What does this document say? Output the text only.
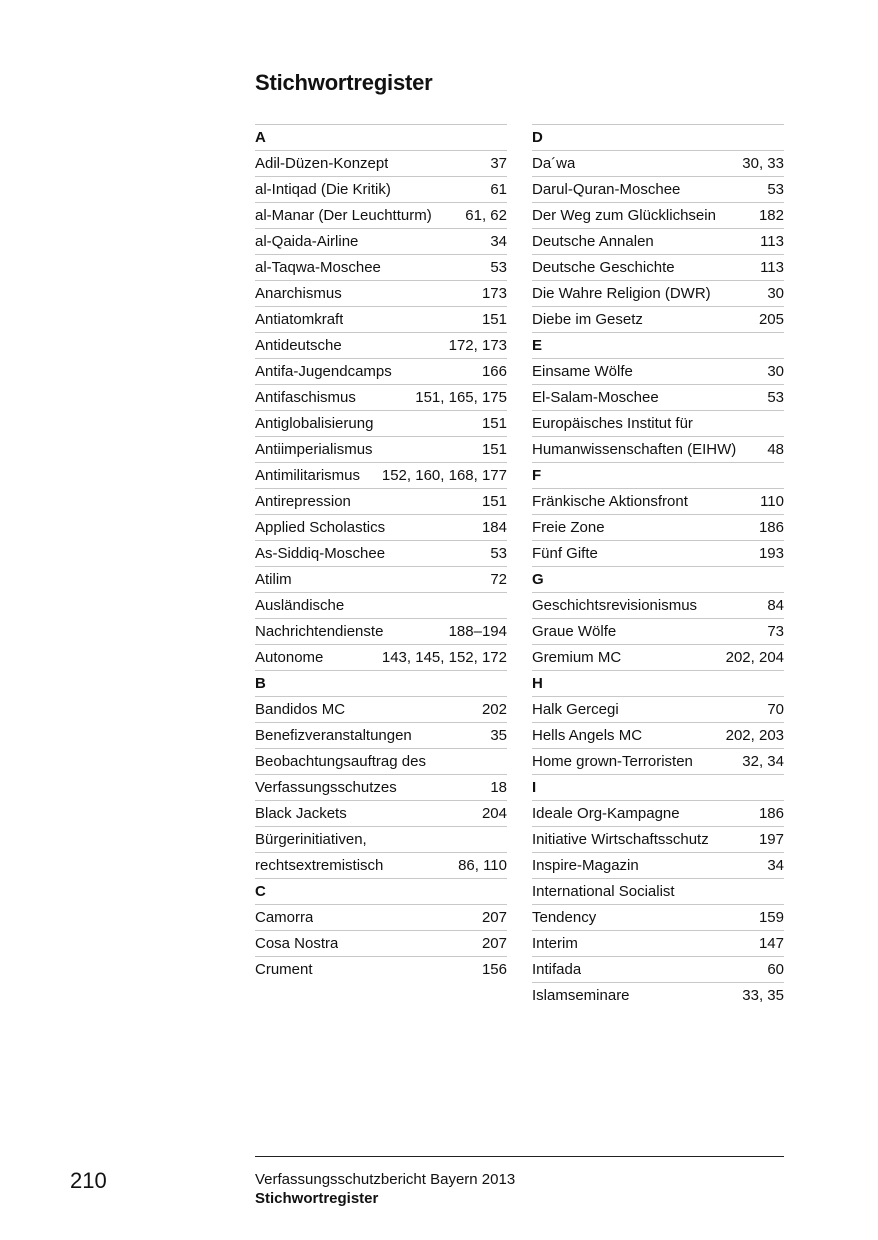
Stichwortregister
A
Adil-Düzen-Konzept	37
al-Intiqad (Die Kritik)	61
al-Manar (Der Leuchtturm)	61, 62
al-Qaida-Airline	34
al-Taqwa-Moschee	53
Anarchismus	173
Antiatomkraft	151
Antideutsche	172, 173
Antifa-Jugendcamps	166
Antifaschismus	151, 165, 175
Antiglobalisierung	151
Antiimperialismus	151
Antimilitarismus	152, 160, 168, 177
Antirepression	151
Applied Scholastics	184
As-Siddiq-Moschee	53
Atilim	72
Ausländische
Nachrichtendienste	188–194
Autonome	143, 145, 152, 172
B
Bandidos MC	202
Benefizveranstaltungen	35
Beobachtungsauftrag des
Verfassungsschutzes	18
Black Jackets	204
Bürgerinitiativen,
rechtsextremistisch	86, 110
C
Camorra	207
Cosa Nostra	207
Crument	156
D
Da´wa	30, 33
Darul-Quran-Moschee	53
Der Weg zum Glücklichsein	182
Deutsche Annalen	113
Deutsche Geschichte	113
Die Wahre Religion (DWR)	30
Diebe im Gesetz	205
E
Einsame Wölfe	30
El-Salam-Moschee	53
Europäisches Institut für
Humanwissenschaften (EIHW)	48
F
Fränkische Aktionsfront	110
Freie Zone	186
Fünf Gifte	193
G
Geschichtsrevisionismus	84
Graue Wölfe	73
Gremium MC	202, 204
H
Halk Gercegi	70
Hells Angels MC	202, 203
Home grown-Terroristen	32, 34
I
Ideale Org-Kampagne	186
Initiative Wirtschaftsschutz	197
Inspire-Magazin	34
International Socialist
Tendency	159
Interim	147
Intifada	60
Islamseminare	33, 35
210	Verfassungsschutzbericht Bayern 2013
Stichwortregister
